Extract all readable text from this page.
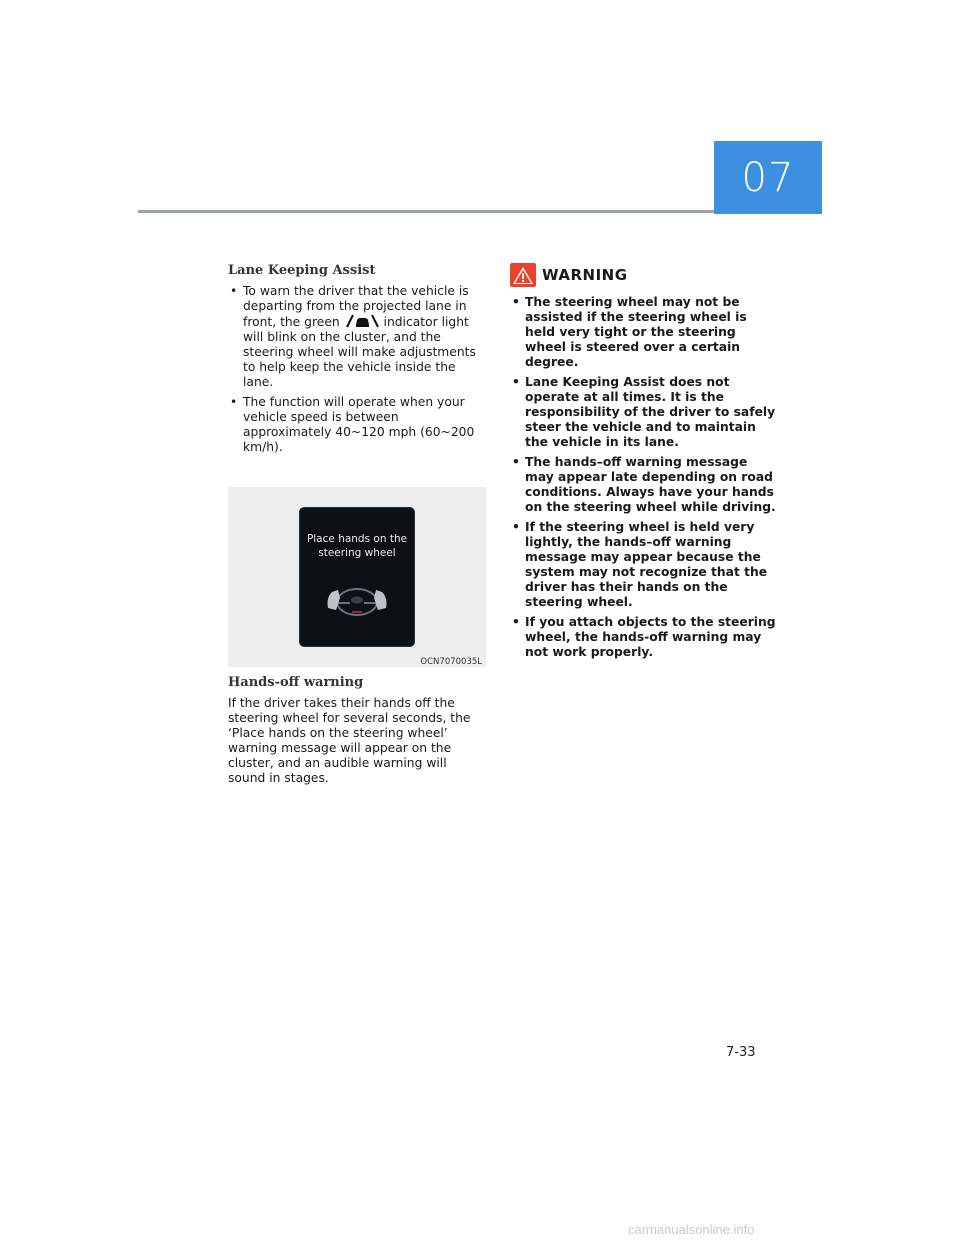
07

Lane Keeping Assist

• To warn the driver that the vehicle is departing from the projected lane in front, the green	indicator light will blink on the cluster, and the steering wheel will make adjustments to help keep the vehicle inside the lane.
• The function will operate when your vehicle speed is between approximately 40~120 mph (60~200 km/h).
Place hands on the steering wheel
OCN7070035L

Hands-off warning

If the driver takes their hands off the steering wheel for several seconds, the ‘Place hands on the steering wheel’ warning message will appear on the cluster, and an audible warning will sound in stages.

WARNING
• The steering wheel may not be assisted if the steering wheel is held very tight or the steering wheel is steered over a certain degree.
• Lane Keeping Assist does not operate at all times. It is the responsibility of the driver to safely steer the vehicle and to maintain the vehicle in its lane.
• The hands–off warning message may appear late depending on road conditions. Always have your hands on the steering wheel while driving.
• If the steering wheel is held very lightly, the hands–off warning message may appear because the system may not recognize that the driver has their hands on the steering wheel.
• If you attach objects to the steering wheel, the hands-off warning may not work properly.
7-33
carmanualsonline.info
